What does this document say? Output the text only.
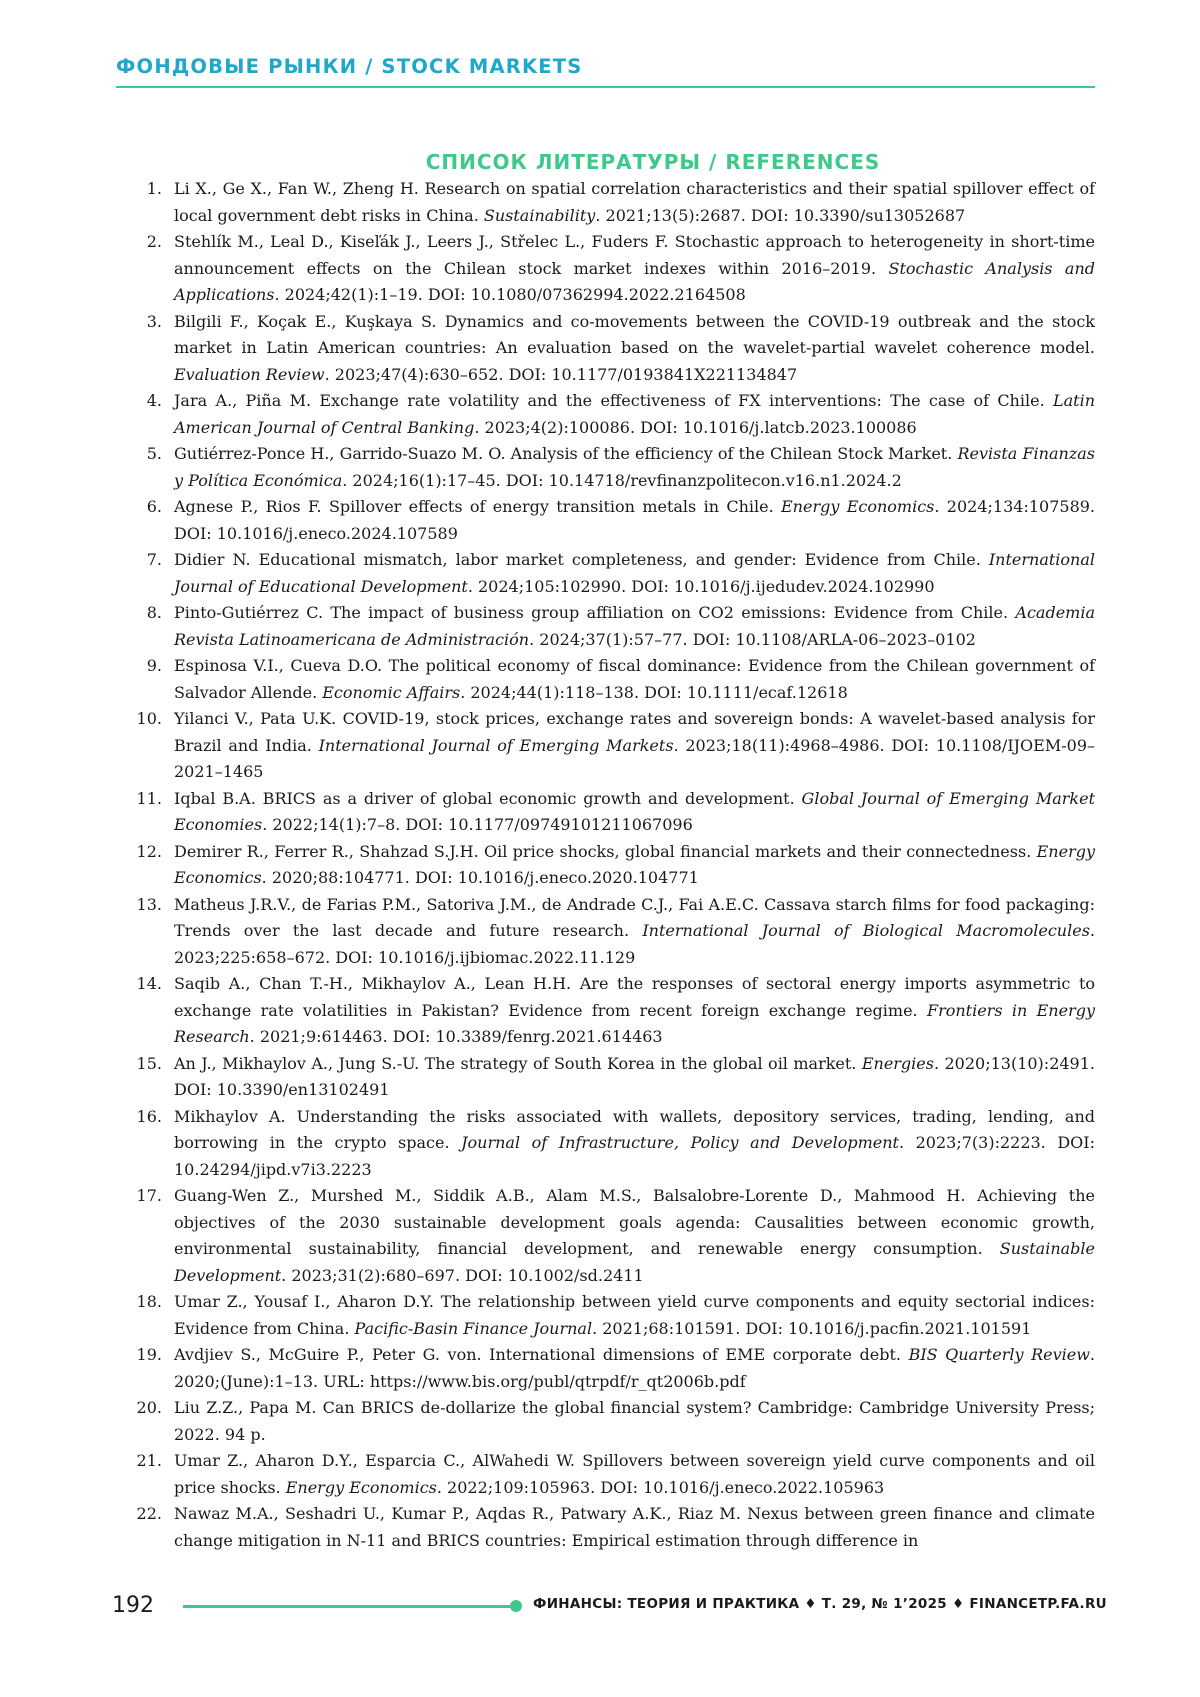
ФОНДОВЫЕ РЫНКИ / STOCK MARKETS
СПИСОК ЛИТЕРАТУРЫ / REFERENCES
1. Li X., Ge X., Fan W., Zheng H. Research on spatial correlation characteristics and their spatial spillover effect of local government debt risks in China. Sustainability. 2021;13(5):2687. DOI: 10.3390/su13052687
2. Stehlík M., Leal D., Kiseľák J., Leers J., Střelec L., Fuders F. Stochastic approach to heterogeneity in short-time announcement effects on the Chilean stock market indexes within 2016–2019. Stochastic Analysis and Applications. 2024;42(1):1–19. DOI: 10.1080/07362994.2022.2164508
3. Bilgili F., Koçak E., Kuşkaya S. Dynamics and co-movements between the COVID-19 outbreak and the stock market in Latin American countries: An evaluation based on the wavelet-partial wavelet coherence model. Evaluation Review. 2023;47(4):630–652. DOI: 10.1177/0193841X221134847
4. Jara A., Piña M. Exchange rate volatility and the effectiveness of FX interventions: The case of Chile. Latin American Journal of Central Banking. 2023;4(2):100086. DOI: 10.1016/j.latcb.2023.100086
5. Gutiérrez-Ponce H., Garrido-Suazo M. O. Analysis of the efficiency of the Chilean Stock Market. Revista Finanzas y Política Económica. 2024;16(1):17–45. DOI: 10.14718/revfinanzpolitecon.v16.n1.2024.2
6. Agnese P., Rios F. Spillover effects of energy transition metals in Chile. Energy Economics. 2024;134:107589. DOI: 10.1016/j.eneco.2024.107589
7. Didier N. Educational mismatch, labor market completeness, and gender: Evidence from Chile. International Journal of Educational Development. 2024;105:102990. DOI: 10.1016/j.ijedudev.2024.102990
8. Pinto-Gutiérrez C. The impact of business group affiliation on CO2 emissions: Evidence from Chile. Academia Revista Latinoamericana de Administración. 2024;37(1):57–77. DOI: 10.1108/ARLA-06–2023–0102
9. Espinosa V.I., Cueva D.O. The political economy of fiscal dominance: Evidence from the Chilean government of Salvador Allende. Economic Affairs. 2024;44(1):118–138. DOI: 10.1111/ecaf.12618
10. Yilanci V., Pata U.K. COVID-19, stock prices, exchange rates and sovereign bonds: A wavelet-based analysis for Brazil and India. International Journal of Emerging Markets. 2023;18(11):4968–4986. DOI: 10.1108/IJOEM-09–2021–1465
11. Iqbal B.A. BRICS as a driver of global economic growth and development. Global Journal of Emerging Market Economies. 2022;14(1):7–8. DOI: 10.1177/09749101211067096
12. Demirer R., Ferrer R., Shahzad S.J.H. Oil price shocks, global financial markets and their connectedness. Energy Economics. 2020;88:104771. DOI: 10.1016/j.eneco.2020.104771
13. Matheus J.R.V., de Farias P.M., Satoriva J.M., de Andrade C.J., Fai A.E.C. Cassava starch films for food packaging: Trends over the last decade and future research. International Journal of Biological Macromolecules. 2023;225:658–672. DOI: 10.1016/j.ijbiomac.2022.11.129
14. Saqib A., Chan T.-H., Mikhaylov A., Lean H.H. Are the responses of sectoral energy imports asymmetric to exchange rate volatilities in Pakistan? Evidence from recent foreign exchange regime. Frontiers in Energy Research. 2021;9:614463. DOI: 10.3389/fenrg.2021.614463
15. An J., Mikhaylov A., Jung S.-U. The strategy of South Korea in the global oil market. Energies. 2020;13(10):2491. DOI: 10.3390/en13102491
16. Mikhaylov A. Understanding the risks associated with wallets, depository services, trading, lending, and borrowing in the crypto space. Journal of Infrastructure, Policy and Development. 2023;7(3):2223. DOI: 10.24294/jipd.v7i3.2223
17. Guang-Wen Z., Murshed M., Siddik A.B., Alam M.S., Balsalobre-Lorente D., Mahmood H. Achieving the objectives of the 2030 sustainable development goals agenda: Causalities between economic growth, environmental sustainability, financial development, and renewable energy consumption. Sustainable Development. 2023;31(2):680–697. DOI: 10.1002/sd.2411
18. Umar Z., Yousaf I., Aharon D.Y. The relationship between yield curve components and equity sectorial indices: Evidence from China. Pacific-Basin Finance Journal. 2021;68:101591. DOI: 10.1016/j.pacfin.2021.101591
19. Avdjiev S., McGuire P., Peter G. von. International dimensions of EME corporate debt. BIS Quarterly Review. 2020;(June):1–13. URL: https://www.bis.org/publ/qtrpdf/r_qt2006b.pdf
20. Liu Z.Z., Papa M. Can BRICS de-dollarize the global financial system? Cambridge: Cambridge University Press; 2022. 94 p.
21. Umar Z., Aharon D.Y., Esparcia C., AlWahedi W. Spillovers between sovereign yield curve components and oil price shocks. Energy Economics. 2022;109:105963. DOI: 10.1016/j.eneco.2022.105963
22. Nawaz M.A., Seshadri U., Kumar P., Aqdas R., Patwary A.K., Riaz M. Nexus between green finance and climate change mitigation in N-11 and BRICS countries: Empirical estimation through difference in
192	ФИНАНСЫ: ТЕОРИЯ И ПРАКТИКА ♦ Т. 29, № 1’2025 ♦ FINANCETP.FA.RU
